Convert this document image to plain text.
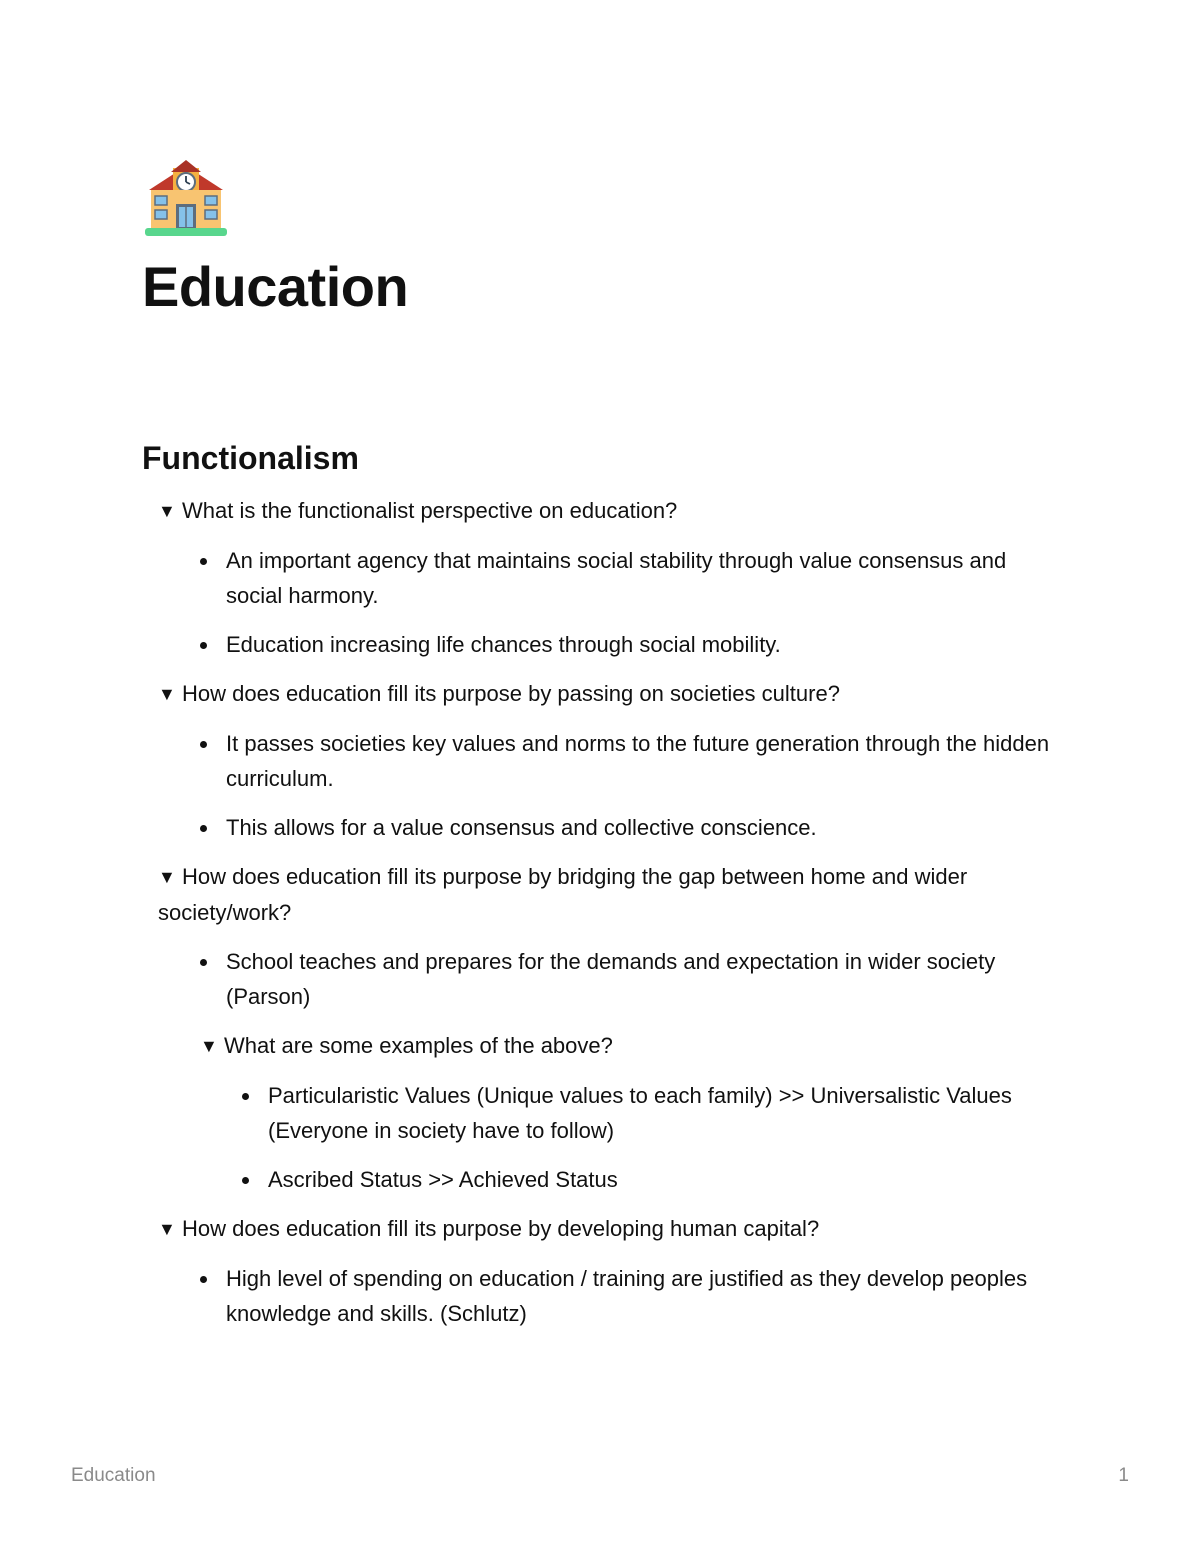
Education
Functionalism

▼ What is the functionalist perspective on education?

An important agency that maintains social stability through value consensus and social harmony.
Education increasing life chances through social mobility.

▼ How does education fill its purpose by passing on societies culture?

It passes societies key values and norms to the future generation through the hidden curriculum.
This allows for a value consensus and collective conscience.

▼ How does education fill its purpose by bridging the gap between home and wider society/work?

School teaches and prepares for the demands and expectation in wider society (Parson)

▼ What are some examples of the above?

Particularistic Values (Unique values to each family) >> Universalistic Values (Everyone in society have to follow)
Ascribed Status >> Achieved Status

▼ How does education fill its purpose by developing human capital?

High level of spending on education / training are justified as they develop peoples knowledge and skills. (Schlutz)
Education	1
